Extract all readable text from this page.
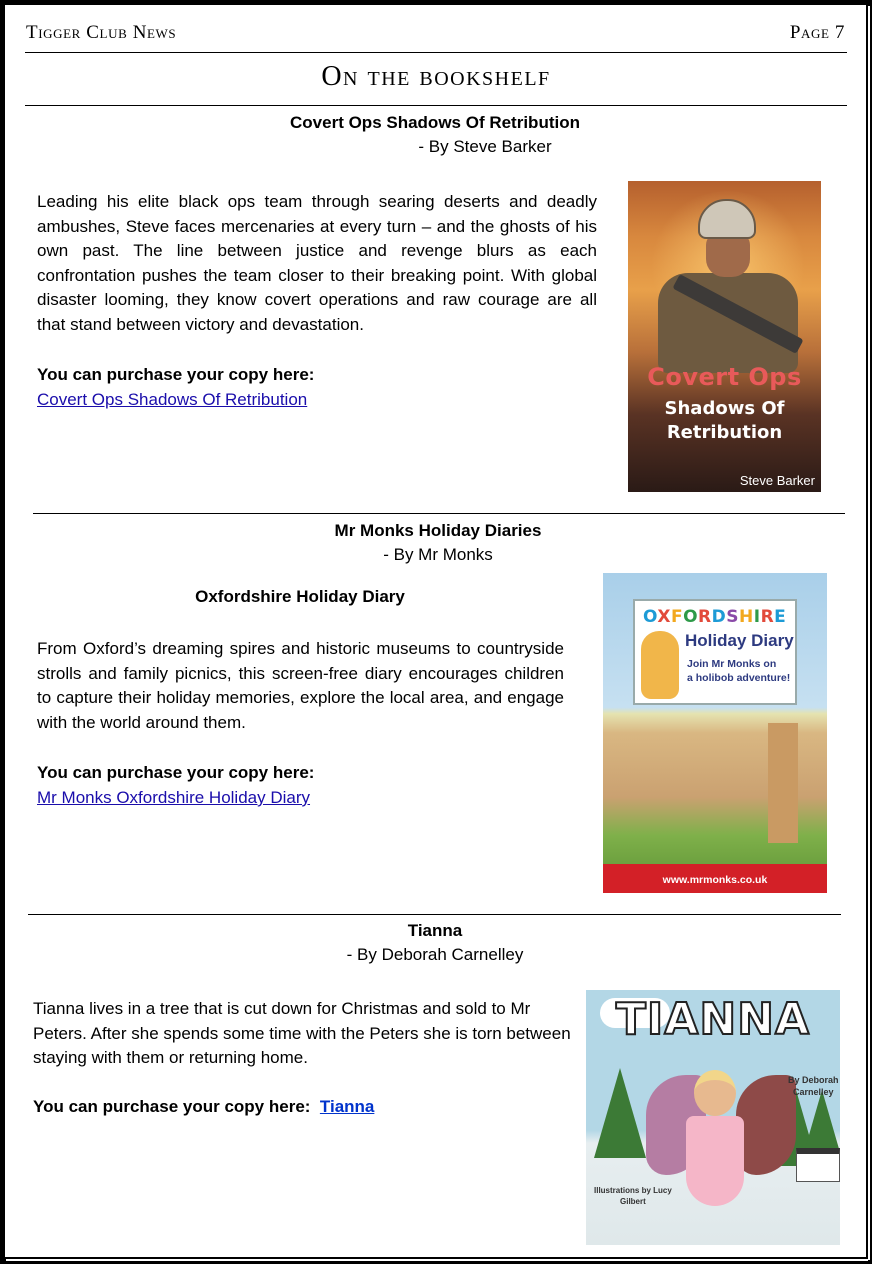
Tigger Club News	Page 7
On the bookshelf
Covert Ops Shadows Of Retribution
- By Steve Barker
Leading his elite black ops team through searing deserts and deadly ambushes, Steve faces mercenaries at every turn – and the ghosts of his own past. The line between justice and revenge blurs as each confrontation pushes the team closer to their breaking point. With global disaster looming, they know covert operations and raw courage are all that stand between victory and devastation.
You can purchase your copy here:
Covert Ops Shadows Of Retribution
Covert Ops
Shadows Of
Retribution
Steve Barker
Mr Monks Holiday Diaries
- By Mr Monks
Oxfordshire Holiday Diary
From Oxford’s dreaming spires and historic museums to countryside strolls and family picnics, this screen-free diary encourages children to capture their holiday memories, explore the local area, and engage with the world around them.
You can purchase your copy here:
Mr Monks Oxfordshire Holiday Diary
OXFORDSHIRE
Holiday Diary
Join Mr Monks on
a holibob adventure!
www.mrmonks.co.uk
Tianna
- By Deborah Carnelley
Tianna lives in a tree that is cut down for Christmas and sold to Mr Peters. After she spends some time with the Peters she is torn between staying with them or returning home.
You can purchase your copy here: Tianna
TIANNA
By Deborah
Carnelley
Illustrations by Lucy
Gilbert
